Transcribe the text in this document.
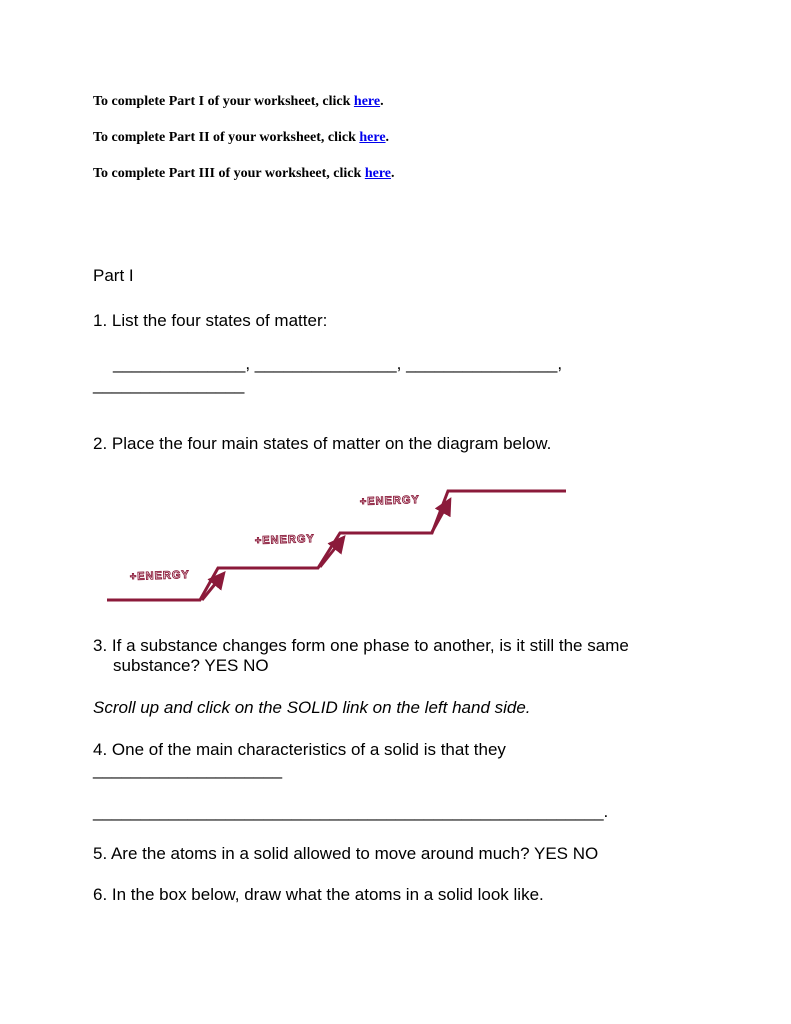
To complete Part I of your worksheet, click here.
To complete Part II of your worksheet, click here.
To complete Part III of your worksheet, click here.
Part I
1. List the four states of matter:
______________, _______________, ________________,
________________
2. Place the four main states of matter on the diagram below.
+ENERGY
+ENERGY
+ENERGY
3. If a substance changes form one phase to another, is it still the same
substance? YES NO
Scroll up and click on the SOLID link on the left hand side.
4. One of the main characteristics of a solid is that they
____________________
______________________________________________________.
5. Are the atoms in a solid allowed to move around much? YES NO
6. In the box below, draw what the atoms in a solid look like.
